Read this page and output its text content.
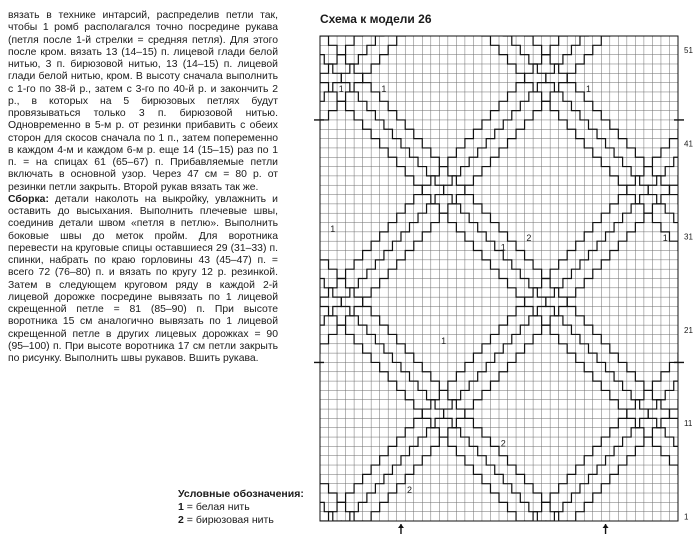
вязать в технике интарсий, распределив петли так, чтобы 1 ромб располагался точно посредине рукава (петля после 1-й стрелки = средняя петля). Для этого после кром. вязать 13 (14–15) п. лицевой глади белой нитью, 3 п. бирюзовой нитью, 13 (14–15) п. лицевой глади белой нитью, кром. В высоту сначала выполнить с 1-го по 38-й р., затем с 3-го по 40-й р. и закончить 2 р., в которых на 5 бирюзовых петлях будут провязываться только 3 п. бирюзовой нитью. Одновременно в 5-м р. от резинки прибавить с обеих сторон для скосов сначала по 1 п., затем попеременно в каждом 4-м и каждом 6-м р. еще 14 (15–15) раз по 1 п. = на спицах 61 (65–67) п. Прибавляемые петли включать в основной узор. Через 47 см = 80 р. от резинки петли закрыть. Второй рукав вязать так же.

Сборка: детали наколоть на выкройку, увлажнить и оставить до высыхания. Выполнить плечевые швы, соединив детали швом «петля в петлю». Выполнить боковые швы до меток пройм. Для воротника перевести на круговые спицы оставшиеся 29 (31–33) п. спинки, набрать по краю горловины 43 (45–47) п. = всего 72 (76–80) п. и вязать по кругу 12 р. резинкой. Затем в следующем круговом ряду в каждой 2-й лицевой дорожке посредине вывязать по 1 лицевой скрещенной петле = 81 (85–90) п. При высоте воротника 15 см аналогично вывязать по 1 лицевой скрещенной петле в других лицевых дорожках = 90 (95–100) п. При высоте воротника 17 см петли закрыть по рисунку. Выполнить швы рукавов. Вшить рукава.

Условные обозначения:
1 = белая нить
2 = бирюзовая нить
Схема к модели 26
1
11
21
31
41
51
1
1	1
2
1
2
1
1
1
2
